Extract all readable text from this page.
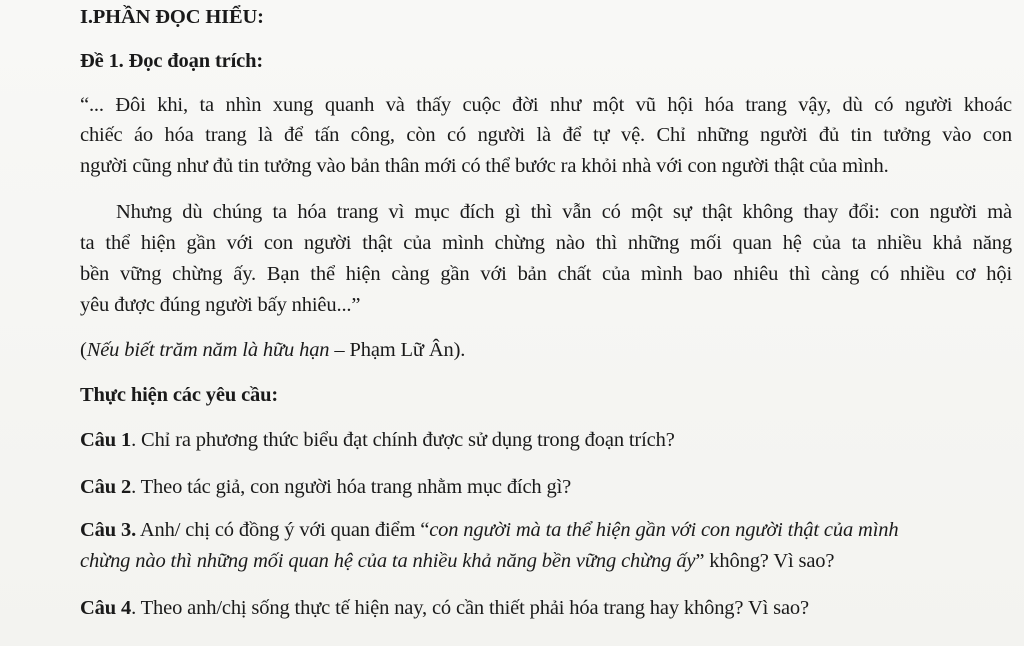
I.PHẦN ĐỌC HIỂU:
Đề 1. Đọc đoạn trích:
“... Đôi khi, ta nhìn xung quanh và thấy cuộc đời như một vũ hội hóa trang vậy, dù có người khoác
chiếc áo hóa trang là để tấn công, còn có người là để tự vệ. Chỉ những người đủ tin tưởng vào con
người cũng như đủ tin tưởng vào bản thân mới có thể bước ra khỏi nhà với con người thật của mình.
Nhưng dù chúng ta hóa trang vì mục đích gì thì vẫn có một sự thật không thay đổi: con người mà
ta thể hiện gần với con người thật của mình chừng nào thì những mối quan hệ của ta nhiều khả năng
bền vững chừng ấy. Bạn thể hiện càng gần với bản chất của mình bao nhiêu thì càng có nhiều cơ hội
yêu được đúng người bấy nhiêu...”
(Nếu biết trăm năm là hữu hạn – Phạm Lữ Ân).
Thực hiện các yêu cầu:
Câu 1. Chỉ ra phương thức biểu đạt chính được sử dụng trong đoạn trích?
Câu 2. Theo tác giả, con người hóa trang nhằm mục đích gì?
Câu 3. Anh/ chị có đồng ý với quan điểm “con người mà ta thể hiện gần với con người thật của mình
chừng nào thì những mối quan hệ của ta nhiều khả năng bền vững chừng ấy” không? Vì sao?
Câu 4. Theo anh/chị sống thực tế hiện nay, có cần thiết phải hóa trang hay không? Vì sao?
